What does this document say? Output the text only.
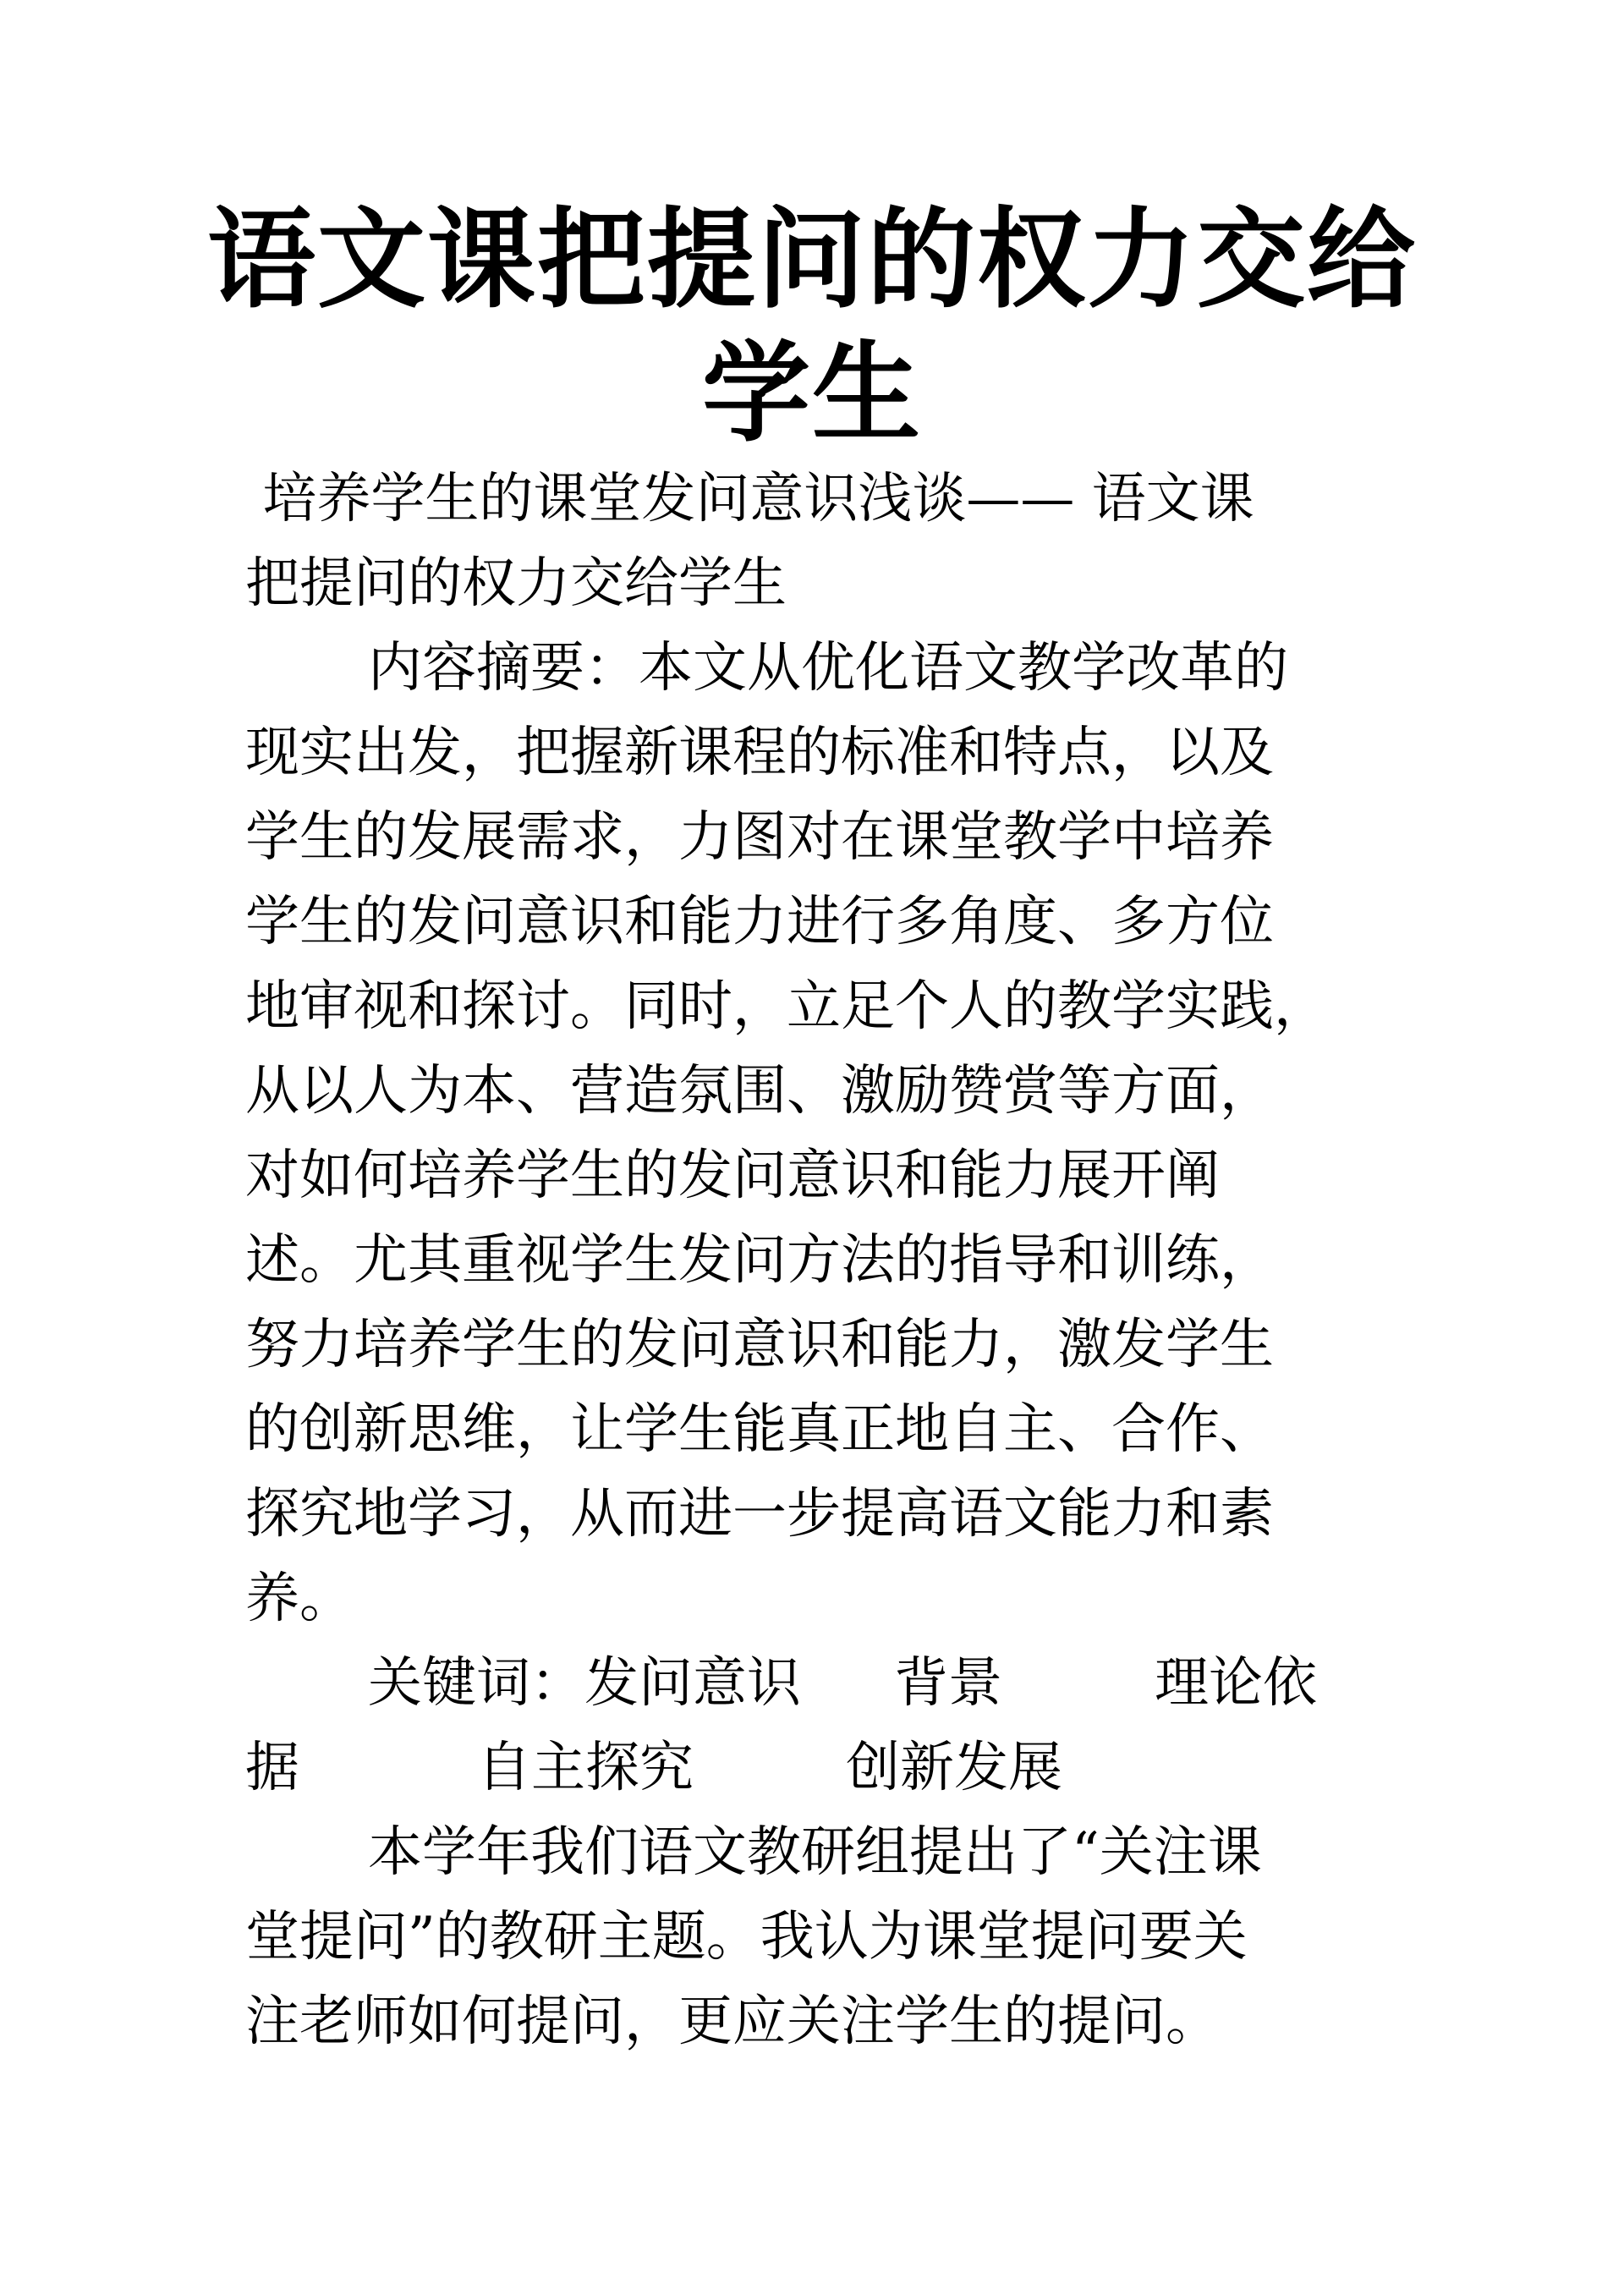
语文课把提问的权力交给
学生
培养学生的课堂发问意识浅谈—— 语文课
把提问的权力交给学生
内容摘要：本文从优化语文教学改革的
现实出发，把握新课程的标准和特点，以及
学生的发展需求，力图对在课堂教学中培养
学生的发问意识和能力进行多角度、多方位
地审视和探讨。同时，立足个人的教学实践，
从以人为本、营造氛围、激励赞赏等方面，
对如何培养学生的发问意识和能力展开阐
述。尤其重视学生发问方法的指导和训练，
努力培养学生的发问意识和能力，激发学生
的创新思维，让学生能真正地自主、合作、
探究地学习，从而进一步提高语文能力和素
养。
关键词：发问意识 背景	理论依
据	自主探究	创新发展
本学年我们语文教研组提出了“关注课
堂提问”的教研主题。我认为课堂提问要关
注老师如何提问，更应关注学生的提问。
